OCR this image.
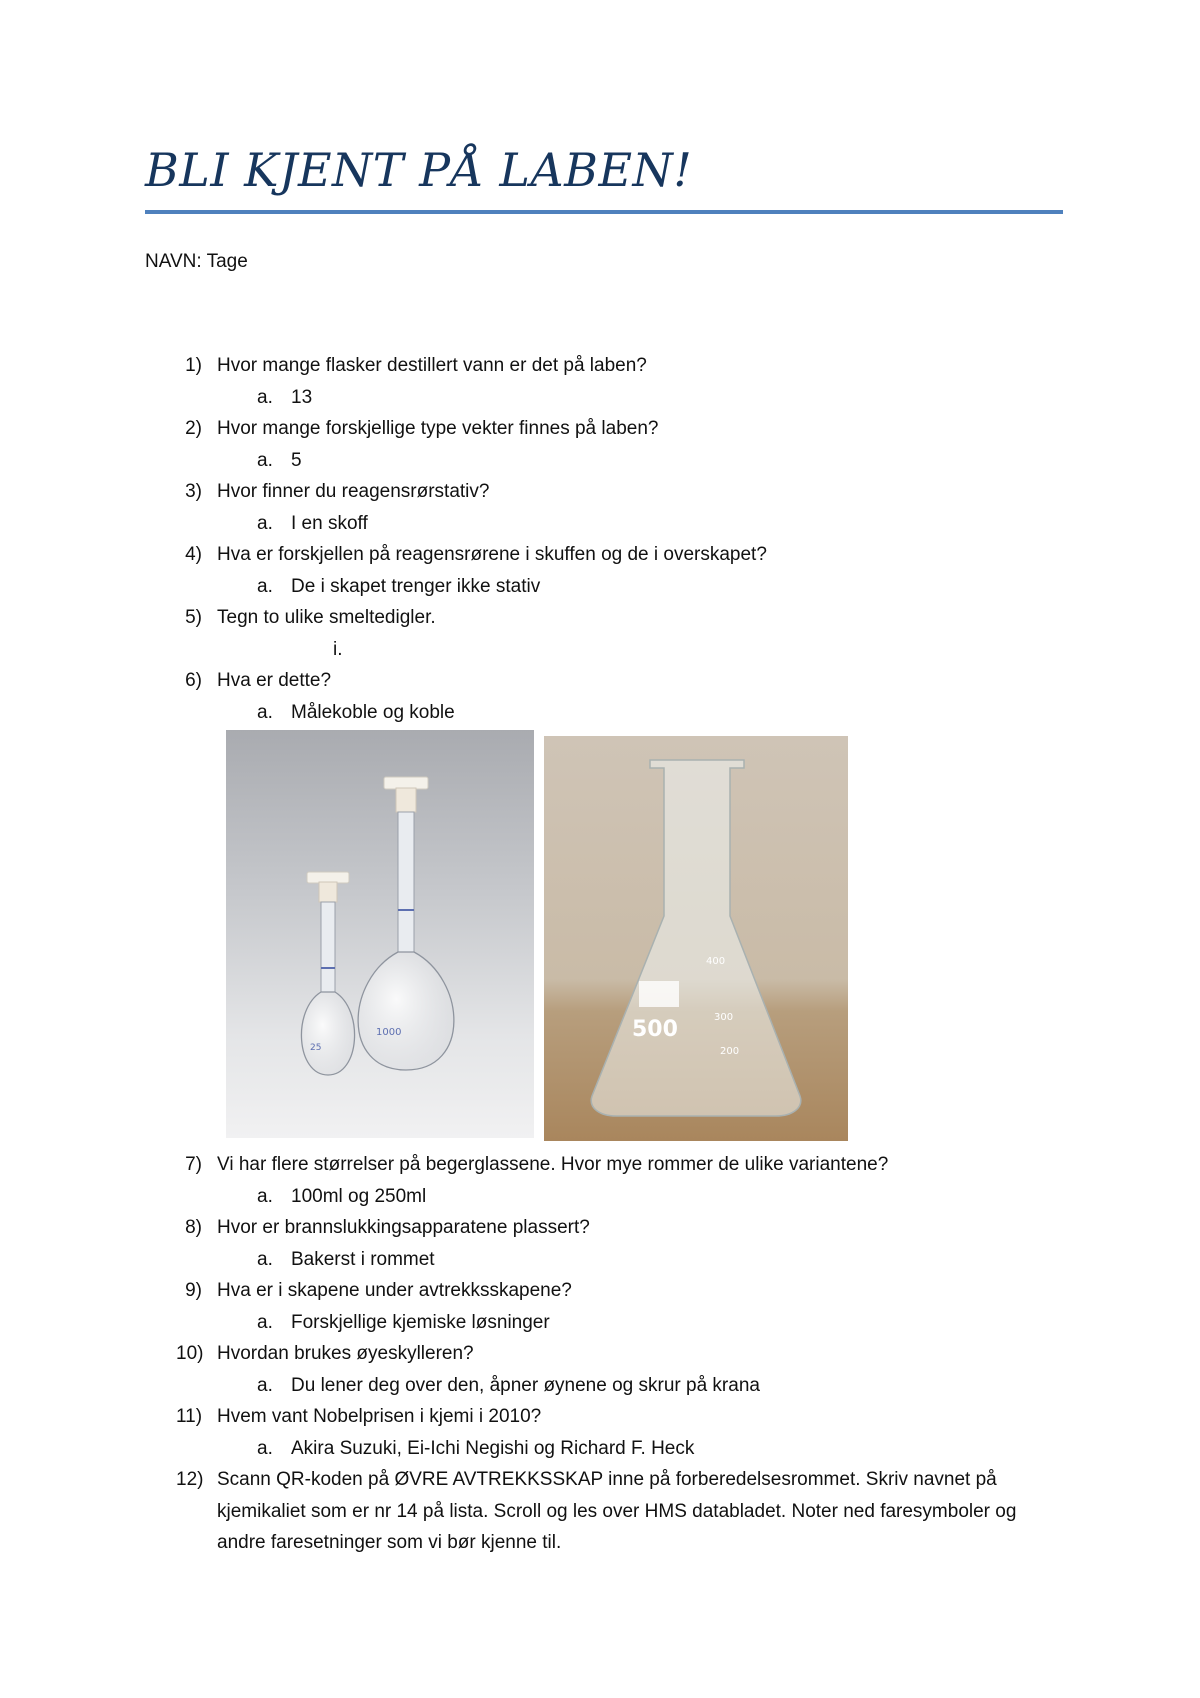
BLI KJENT PÅ LABEN!
NAVN: Tage
1) Hvor mange flasker destillert vann er det på laben?
a. 13
2) Hvor mange forskjellige type vekter finnes på laben?
a. 5
3) Hvor finner du reagensrørstativ?
a. I en skoff
4) Hva er forskjellen på reagensrørene i skuffen og de i overskapet?
a. De i skapet trenger ikke stativ
5) Tegn to ulike smeltedigler.
i.
6) Hva er dette?
a. Målekoble og koble
25
1000	500
400
300
200
7) Vi har flere størrelser på begerglassene. Hvor mye rommer de ulike variantene?
a. 100ml og 250ml
8) Hvor er brannslukkingsapparatene plassert?
a. Bakerst i rommet
9) Hva er i skapene under avtrekksskapene?
a. Forskjellige kjemiske løsninger
10) Hvordan brukes øyeskylleren?
a. Du lener deg over den, åpner øynene og skrur på krana
11) Hvem vant Nobelprisen i kjemi i 2010?
a. Akira Suzuki, Ei-Ichi Negishi og Richard F. Heck
12) Scann QR-koden på ØVRE AVTREKKSSKAP inne på forberedelsesrommet. Skriv navnet på kjemikaliet som er nr 14 på lista. Scroll og les over HMS databladet. Noter ned faresymboler og andre faresetninger som vi bør kjenne til.
